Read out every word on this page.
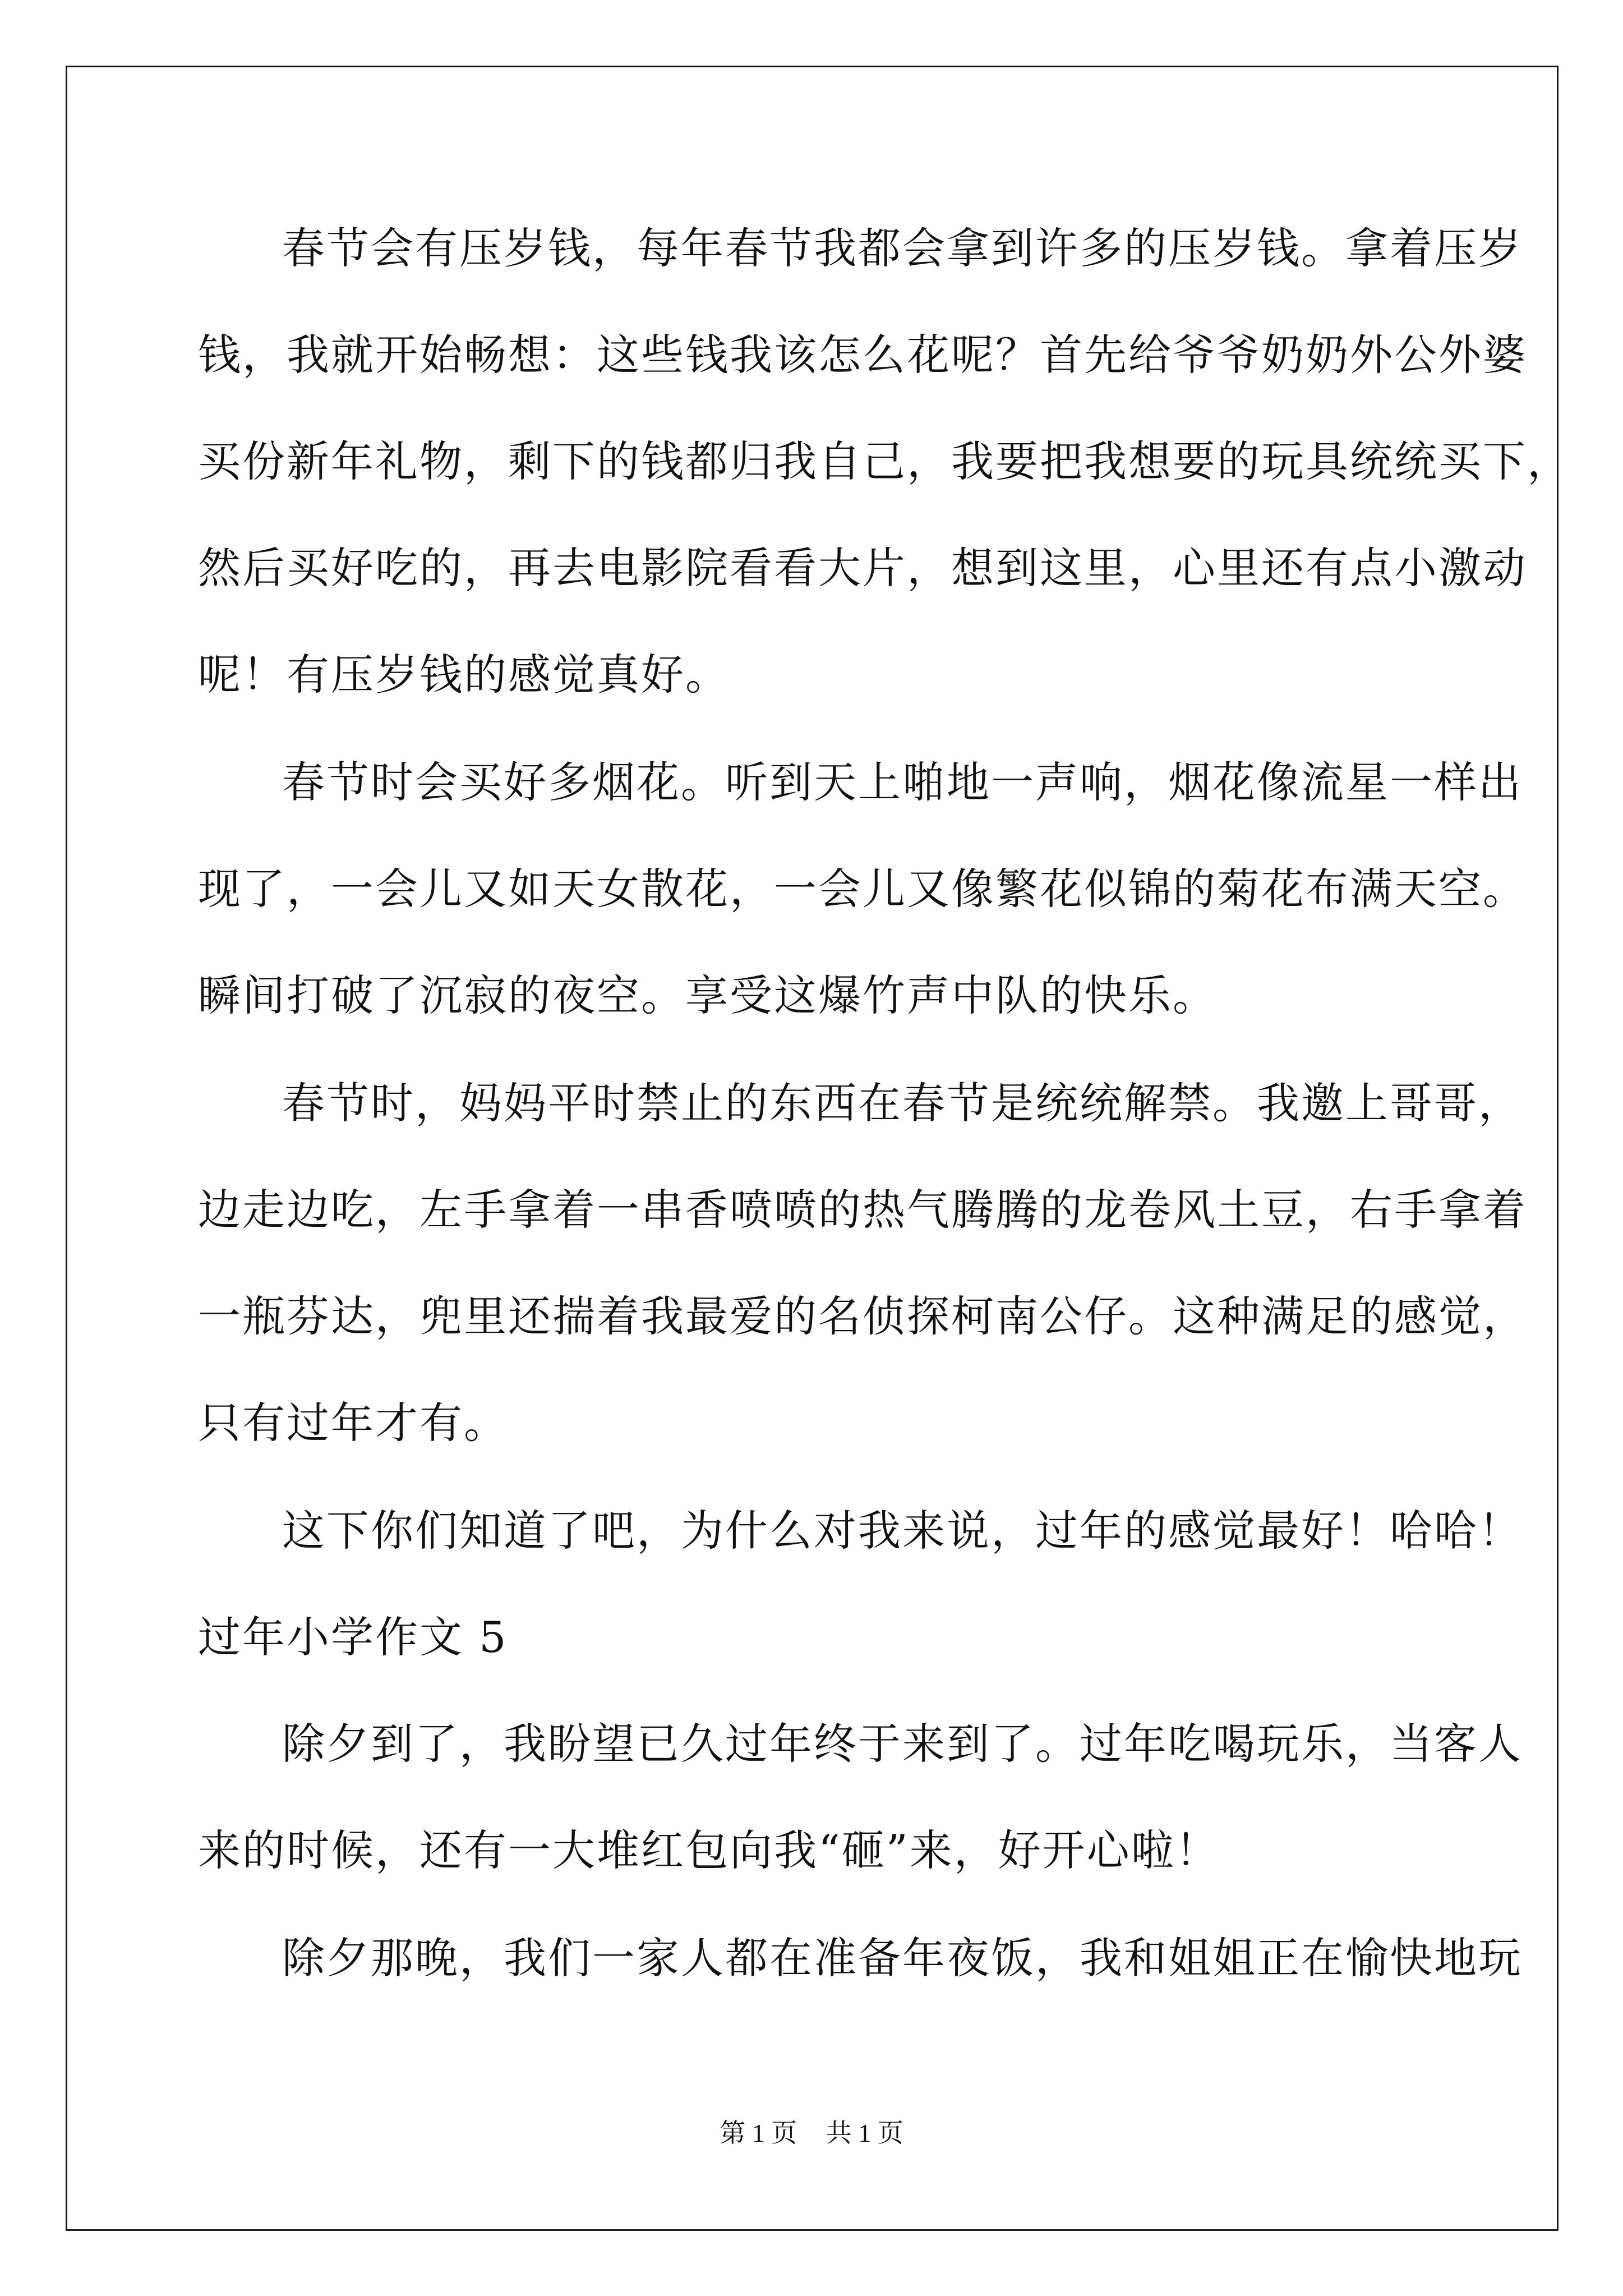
春节会有压岁钱，每年春节我都会拿到许多的压岁钱。拿着压岁
钱，我就开始畅想：这些钱我该怎么花呢？首先给爷爷奶奶外公外婆
买份新年礼物，剩下的钱都归我自己，我要把我想要的玩具统统买下，
然后买好吃的，再去电影院看看大片，想到这里，心里还有点小激动
呢！有压岁钱的感觉真好。
春节时会买好多烟花。听到天上啪地一声响，烟花像流星一样出
现了，一会儿又如天女散花，一会儿又像繁花似锦的菊花布满天空。
瞬间打破了沉寂的夜空。享受这爆竹声中队的快乐。
春节时，妈妈平时禁止的东西在春节是统统解禁。我邀上哥哥，
边走边吃，左手拿着一串香喷喷的热气腾腾的龙卷风土豆，右手拿着
一瓶芬达，兜里还揣着我最爱的名侦探柯南公仔。这种满足的感觉，
只有过年才有。
这下你们知道了吧，为什么对我来说，过年的感觉最好！哈哈！
过年小学作文 5
除夕到了，我盼望已久过年终于来到了。过年吃喝玩乐，当客人
来的时候，还有一大堆红包向我“砸”来，好开心啦！
除夕那晚，我们一家人都在准备年夜饭，我和姐姐正在愉快地玩
第 1 页 共 1 页
